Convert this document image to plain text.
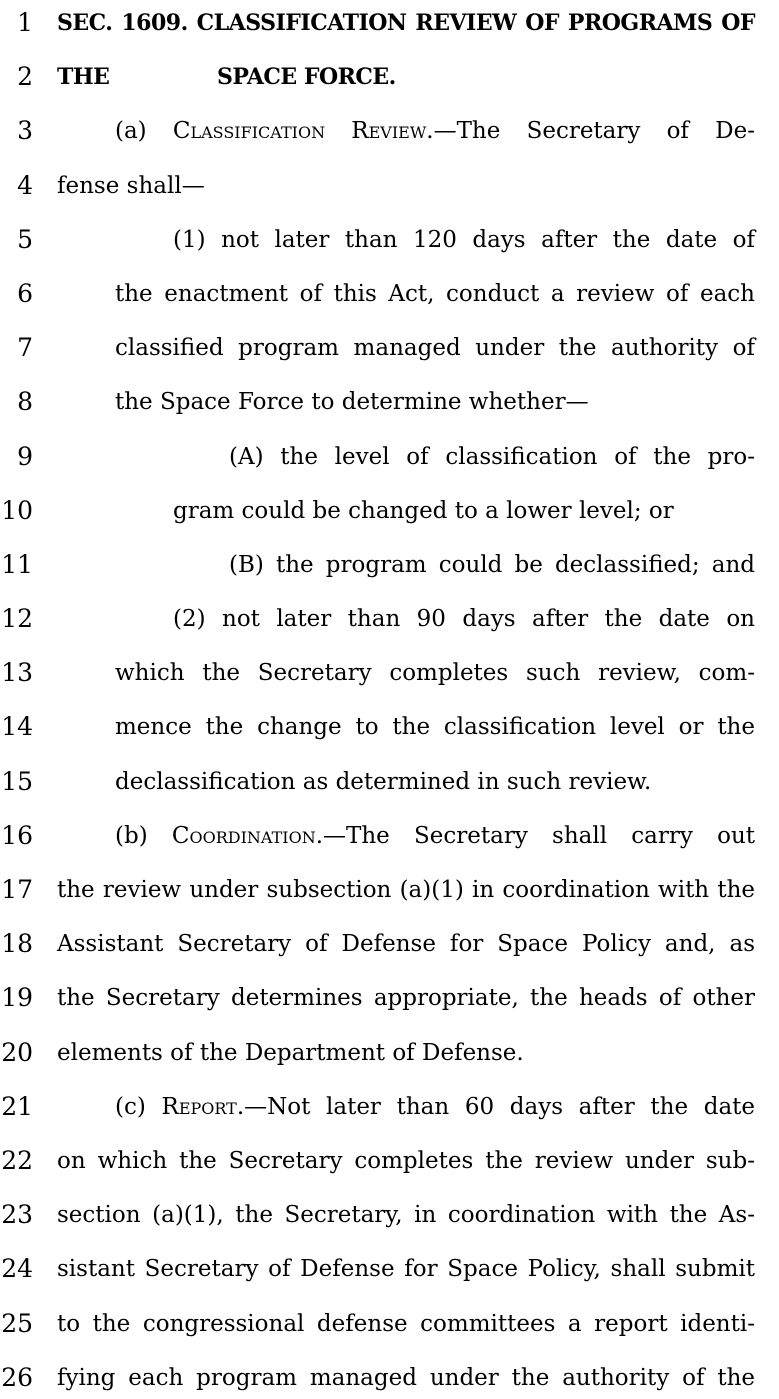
1 SEC. 1609. CLASSIFICATION REVIEW OF PROGRAMS OF THE
2	SPACE FORCE.
3	(a) Classification Review.—The Secretary of De-
4 fense shall—
5	(1) not later than 120 days after the date of
6	the enactment of this Act, conduct a review of each
7	classified program managed under the authority of
8	the Space Force to determine whether—
9	(A) the level of classification of the pro-
10	gram could be changed to a lower level; or
11	(B) the program could be declassified; and
12	(2) not later than 90 days after the date on
13	which the Secretary completes such review, com-
14	mence the change to the classification level or the
15	declassification as determined in such review.
16	(b) Coordination.—The Secretary shall carry out
17 the review under subsection (a)(1) in coordination with the
18 Assistant Secretary of Defense for Space Policy and, as
19 the Secretary determines appropriate, the heads of other
20 elements of the Department of Defense.
21	(c) Report.—Not later than 60 days after the date
22 on which the Secretary completes the review under sub-
23 section (a)(1), the Secretary, in coordination with the As-
24 sistant Secretary of Defense for Space Policy, shall submit
25 to the congressional defense committees a report identi-
26 fying each program managed under the authority of the
